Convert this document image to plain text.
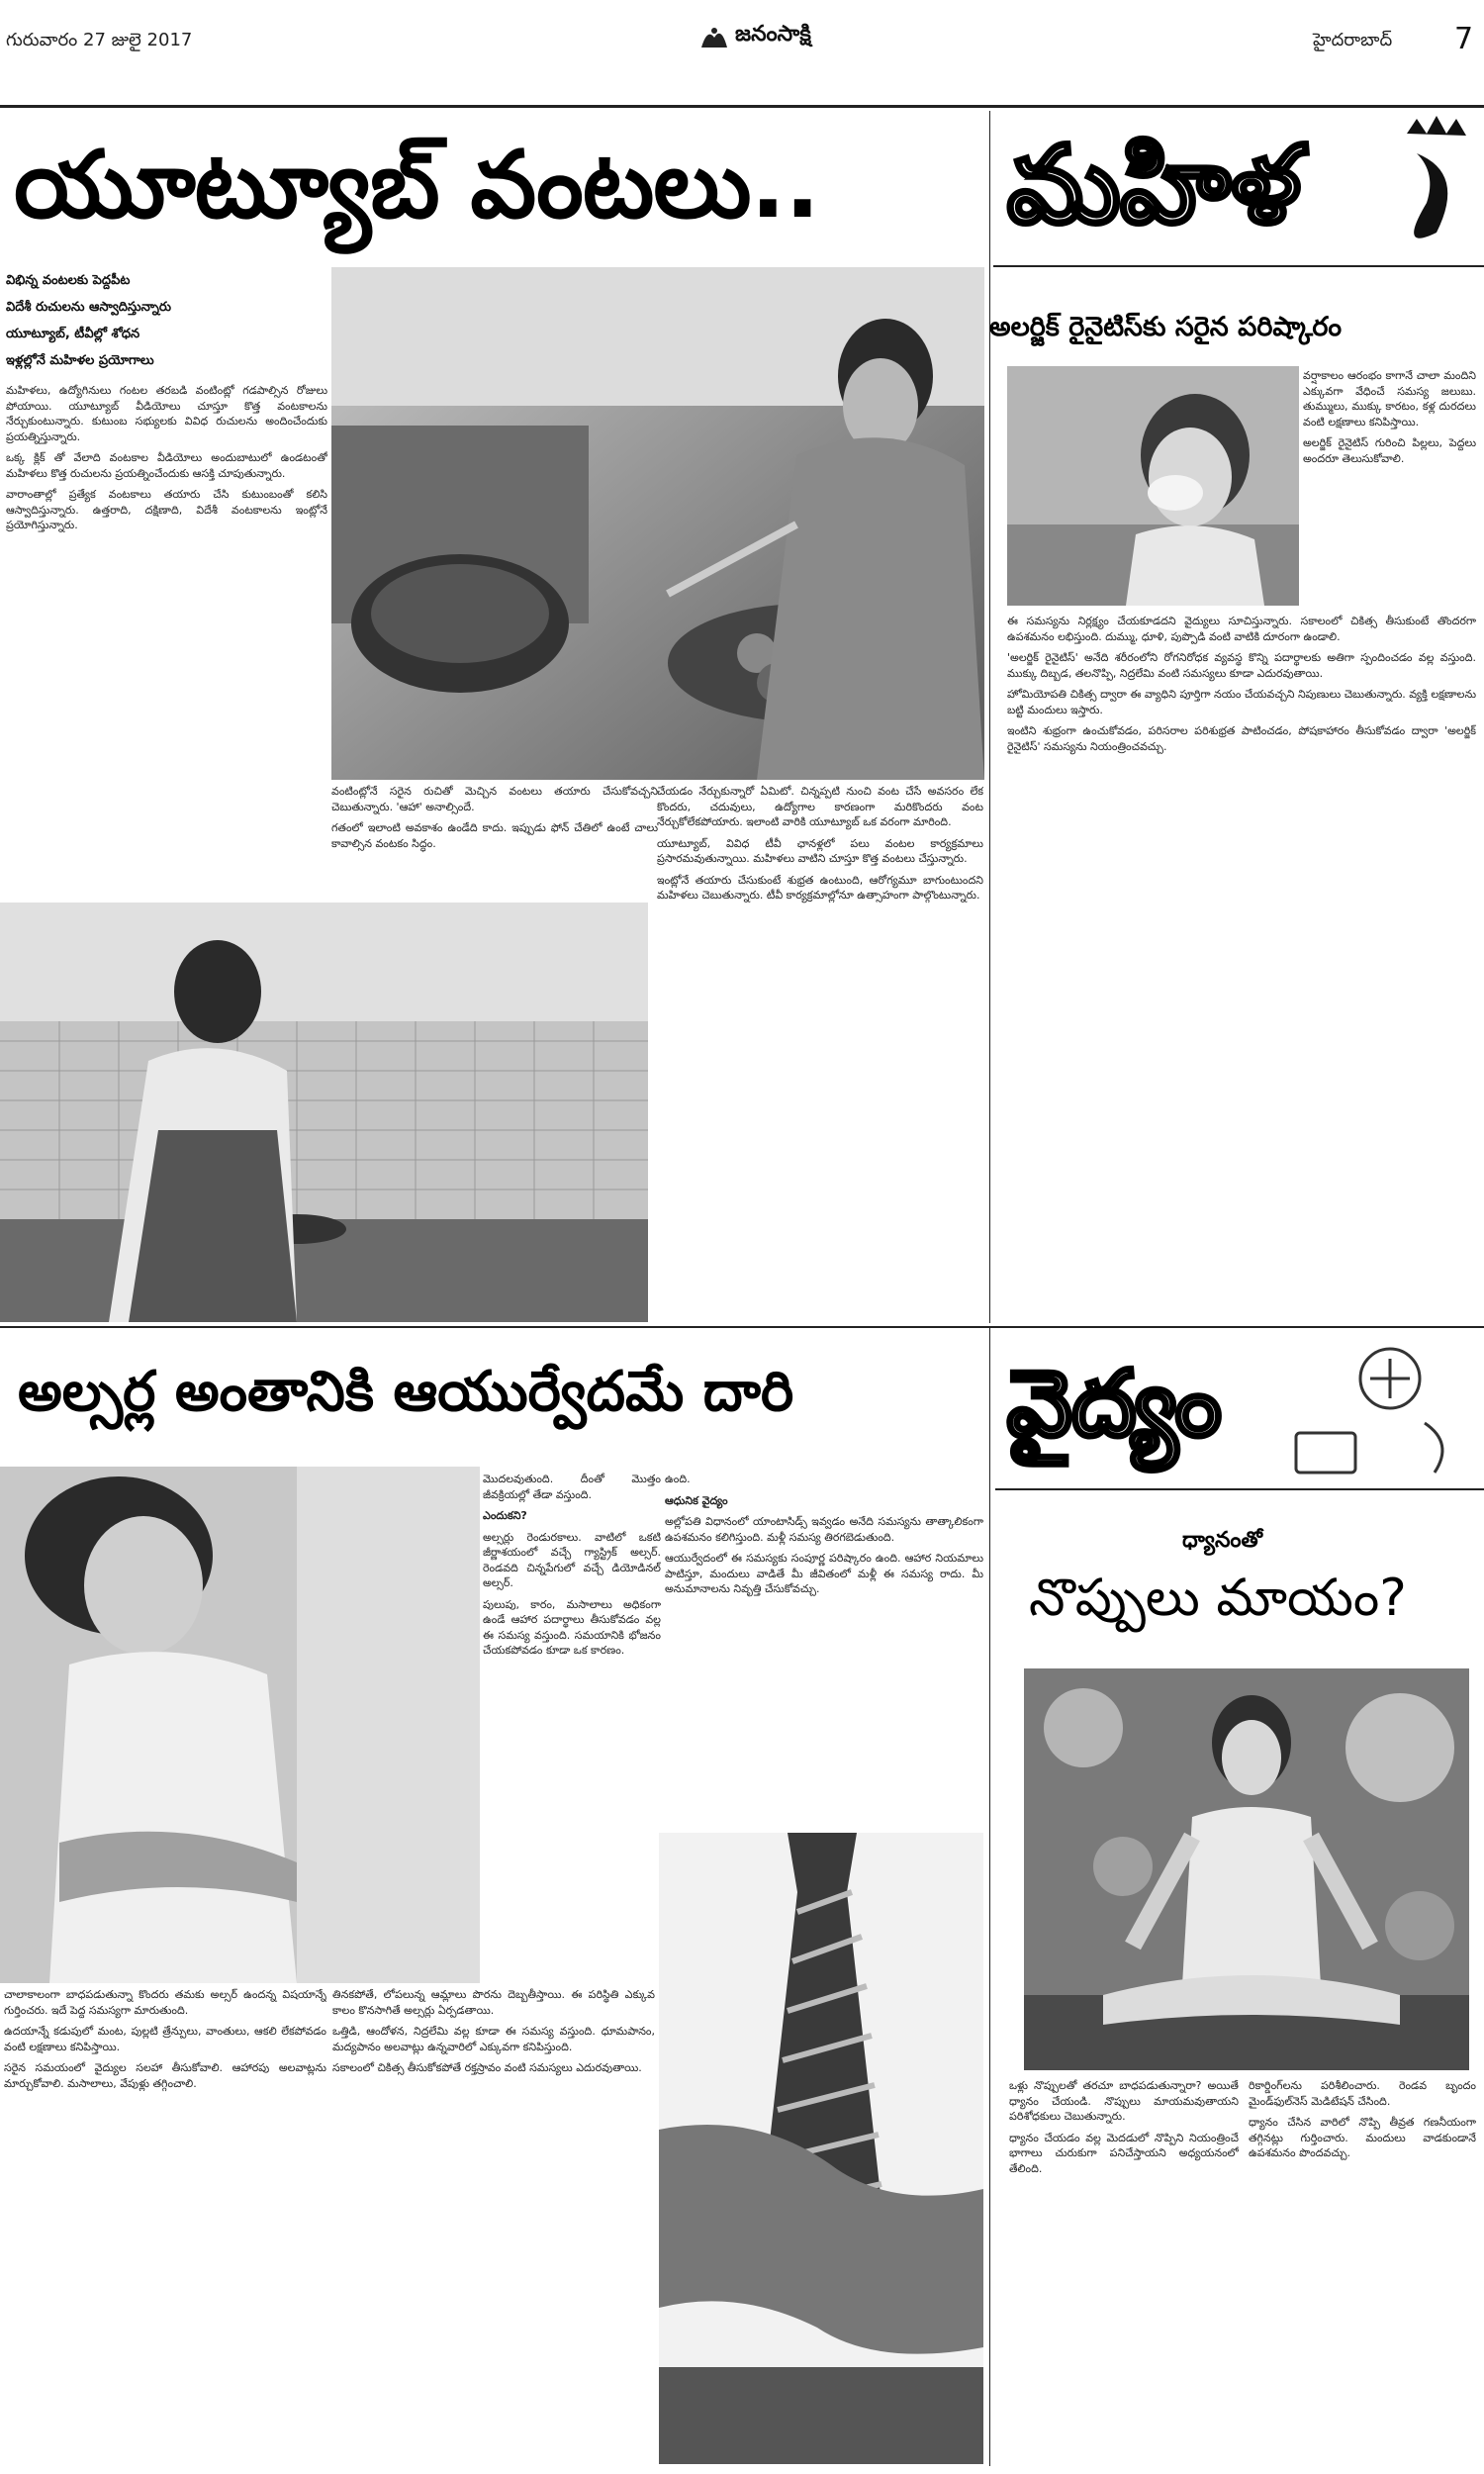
గురువారం 27 జులై 2017	జనంసాక్షి	హైదరాబాద్ 7
యూట్యూబ్ వంటలు..
విభిన్న వంటలకు పెద్దపీట
విదేశీ రుచులను ఆస్వాదిస్తున్నారు
యూట్యూబ్, టీవీల్లో శోధన
ఇళ్లల్లోనే మహిళల ప్రయోగాలు

మహిళలు, ఉద్యోగినులు గంటల తరబడి వంటింట్లో గడపాల్సిన రోజులు పోయాయి. యూట్యూబ్ వీడియోలు చూస్తూ కొత్త వంటకాలను నేర్చుకుంటున్నారు. కుటుంబ సభ్యులకు వివిధ రుచులను అందించేందుకు ప్రయత్నిస్తున్నారు.

ఒక్క క్లిక్ తో వేలాది వంటకాల వీడియోలు అందుబాటులో ఉండటంతో మహిళలు కొత్త రుచులను ప్రయత్నించేందుకు ఆసక్తి చూపుతున్నారు.

వారాంతాల్లో ప్రత్యేక వంటకాలు తయారు చేసి కుటుంబంతో కలిసి ఆస్వాదిస్తున్నారు. ఉత్తరాది, దక్షిణాది, విదేశీ వంటకాలను ఇంట్లోనే ప్రయోగిస్తున్నారు.

వంటింట్లోనే సరైన రుచితో మెచ్చిన వంటలు తయారు చేసుకోవచ్చని చెబుతున్నారు. 'ఆహా' అనాల్సిందే.

గతంలో ఇలాంటి అవకాశం ఉండేది కాదు. ఇప్పుడు ఫోన్ చేతిలో ఉంటే చాలు కావాల్సిన వంటకం సిద్ధం.

చేయడం నేర్చుకున్నారో ఏమిటో. చిన్నప్పటి నుంచి వంట చేసే అవసరం లేక కొందరు, చదువులు, ఉద్యోగాల కారణంగా మరికొందరు వంట నేర్చుకోలేకపోయారు. ఇలాంటి వారికి యూట్యూబ్ ఒక వరంగా మారింది.

యూట్యూబ్, వివిధ టీవీ ఛానళ్లలో పలు వంటల కార్యక్రమాలు ప్రసారమవుతున్నాయి. మహిళలు వాటిని చూస్తూ కొత్త వంటలు చేస్తున్నారు.

ఇంట్లోనే తయారు చేసుకుంటే శుభ్రత ఉంటుంది, ఆరోగ్యమూ బాగుంటుందని మహిళలు చెబుతున్నారు. టీవీ కార్యక్రమాల్లోనూ ఉత్సాహంగా పాల్గొంటున్నారు.

మహిళ
అలర్జిక్ రైనైటిస్‌కు సరైన పరిష్కారం

వర్షాకాలం ఆరంభం కాగానే చాలా మందిని ఎక్కువగా వేధించే సమస్య జలుబు. తుమ్ములు, ముక్కు కారటం, కళ్ల దురదలు వంటి లక్షణాలు కనిపిస్తాయి.

అలర్జిక్ రైనైటిస్ గురించి పిల్లలు, పెద్దలు అందరూ తెలుసుకోవాలి.

ఈ సమస్యను నిర్లక్ష్యం చేయకూడదని వైద్యులు సూచిస్తున్నారు. సకాలంలో చికిత్స తీసుకుంటే తొందరగా ఉపశమనం లభిస్తుంది. దుమ్ము, ధూళి, పుప్పొడి వంటి వాటికి దూరంగా ఉండాలి.

'అలర్జిక్ రైనైటిస్' అనేది శరీరంలోని రోగనిరోధక వ్యవస్థ కొన్ని పదార్థాలకు అతిగా స్పందించడం వల్ల వస్తుంది. ముక్కు దిబ్బడ, తలనొప్పి, నిద్రలేమి వంటి సమస్యలు కూడా ఎదురవుతాయి.

హోమియోపతి చికిత్స ద్వారా ఈ వ్యాధిని పూర్తిగా నయం చేయవచ్చని నిపుణులు చెబుతున్నారు. వ్యక్తి లక్షణాలను బట్టి మందులు ఇస్తారు.

ఇంటిని శుభ్రంగా ఉంచుకోవడం, పరిసరాల పరిశుభ్రత పాటించడం, పోషకాహారం తీసుకోవడం ద్వారా 'అలర్జిక్ రైనైటిస్' సమస్యను నియంత్రించవచ్చు.

అల్సర్ల అంతానికి ఆయుర్వేదమే దారి

మొదలవుతుంది. దీంతో మొత్తం జీవక్రియల్లో తేడా వస్తుంది.

ఎందుకని?

అల్సర్లు రెండురకాలు. వాటిలో ఒకటి జీర్ణాశయంలో వచ్చే గ్యాస్ట్రిక్ అల్సర్. రెండవది చిన్నపేగులో వచ్చే డియోడినల్ అల్సర్.

పులుపు, కారం, మసాలాలు అధికంగా ఉండే ఆహార పదార్థాలు తీసుకోవడం వల్ల ఈ సమస్య వస్తుంది. సమయానికి భోజనం చేయకపోవడం కూడా ఒక కారణం.

ఉంది.

ఆధునిక వైద్యం

అల్లోపతి విధానంలో యాంటాసిడ్స్ ఇవ్వడం అనేది సమస్యను తాత్కాలికంగా ఉపశమనం కలిగిస్తుంది. మళ్లీ సమస్య తిరగబెడుతుంది.

ఆయుర్వేదంలో ఈ సమస్యకు సంపూర్ణ పరిష్కారం ఉంది. ఆహార నియమాలు పాటిస్తూ, మందులు వాడితే మీ జీవితంలో మళ్లీ ఈ సమస్య రాదు. మీ అనుమానాలను నివృత్తి చేసుకోవచ్చు.

చాలాకాలంగా బాధపడుతున్నా కొందరు తమకు అల్సర్ ఉందన్న విషయాన్నే గుర్తించరు. ఇదే పెద్ద సమస్యగా మారుతుంది.

ఉదయాన్నే కడుపులో మంట, పుల్లటి త్రేన్పులు, వాంతులు, ఆకలి లేకపోవడం వంటి లక్షణాలు కనిపిస్తాయి.

సరైన సమయంలో వైద్యుల సలహా తీసుకోవాలి. ఆహారపు అలవాట్లను మార్చుకోవాలి. మసాలాలు, వేపుళ్లు తగ్గించాలి.

తినకపోతే, లోపలున్న ఆమ్లాలు పొరను దెబ్బతీస్తాయి. ఈ పరిస్థితి ఎక్కువ కాలం కొనసాగితే అల్సర్లు ఏర్పడతాయి.

ఒత్తిడి, ఆందోళన, నిద్రలేమి వల్ల కూడా ఈ సమస్య వస్తుంది. ధూమపానం, మద్యపానం అలవాట్లు ఉన్నవారిలో ఎక్కువగా కనిపిస్తుంది.

సకాలంలో చికిత్స తీసుకోకపోతే రక్తస్రావం వంటి సమస్యలు ఎదురవుతాయి.

వైద్యం
ధ్యానంతో
నొప్పులు మాయం?

ఒళ్లు నొప్పులతో తరచూ బాధపడుతున్నారా? అయితే ధ్యానం చేయండి. నొప్పులు మాయమవుతాయని పరిశోధకులు చెబుతున్నారు.

ధ్యానం చేయడం వల్ల మెదడులో నొప్పిని నియంత్రించే భాగాలు చురుకుగా పనిచేస్తాయని అధ్యయనంలో తేలింది.

రికార్డింగ్‌లను పరిశీలించారు. రెండవ బృందం మైండ్‌ఫుల్‌నెస్ మెడిటేషన్ చేసింది.

ధ్యానం చేసిన వారిలో నొప్పి తీవ్రత గణనీయంగా తగ్గినట్లు గుర్తించారు. మందులు వాడకుండానే ఉపశమనం పొందవచ్చు.
